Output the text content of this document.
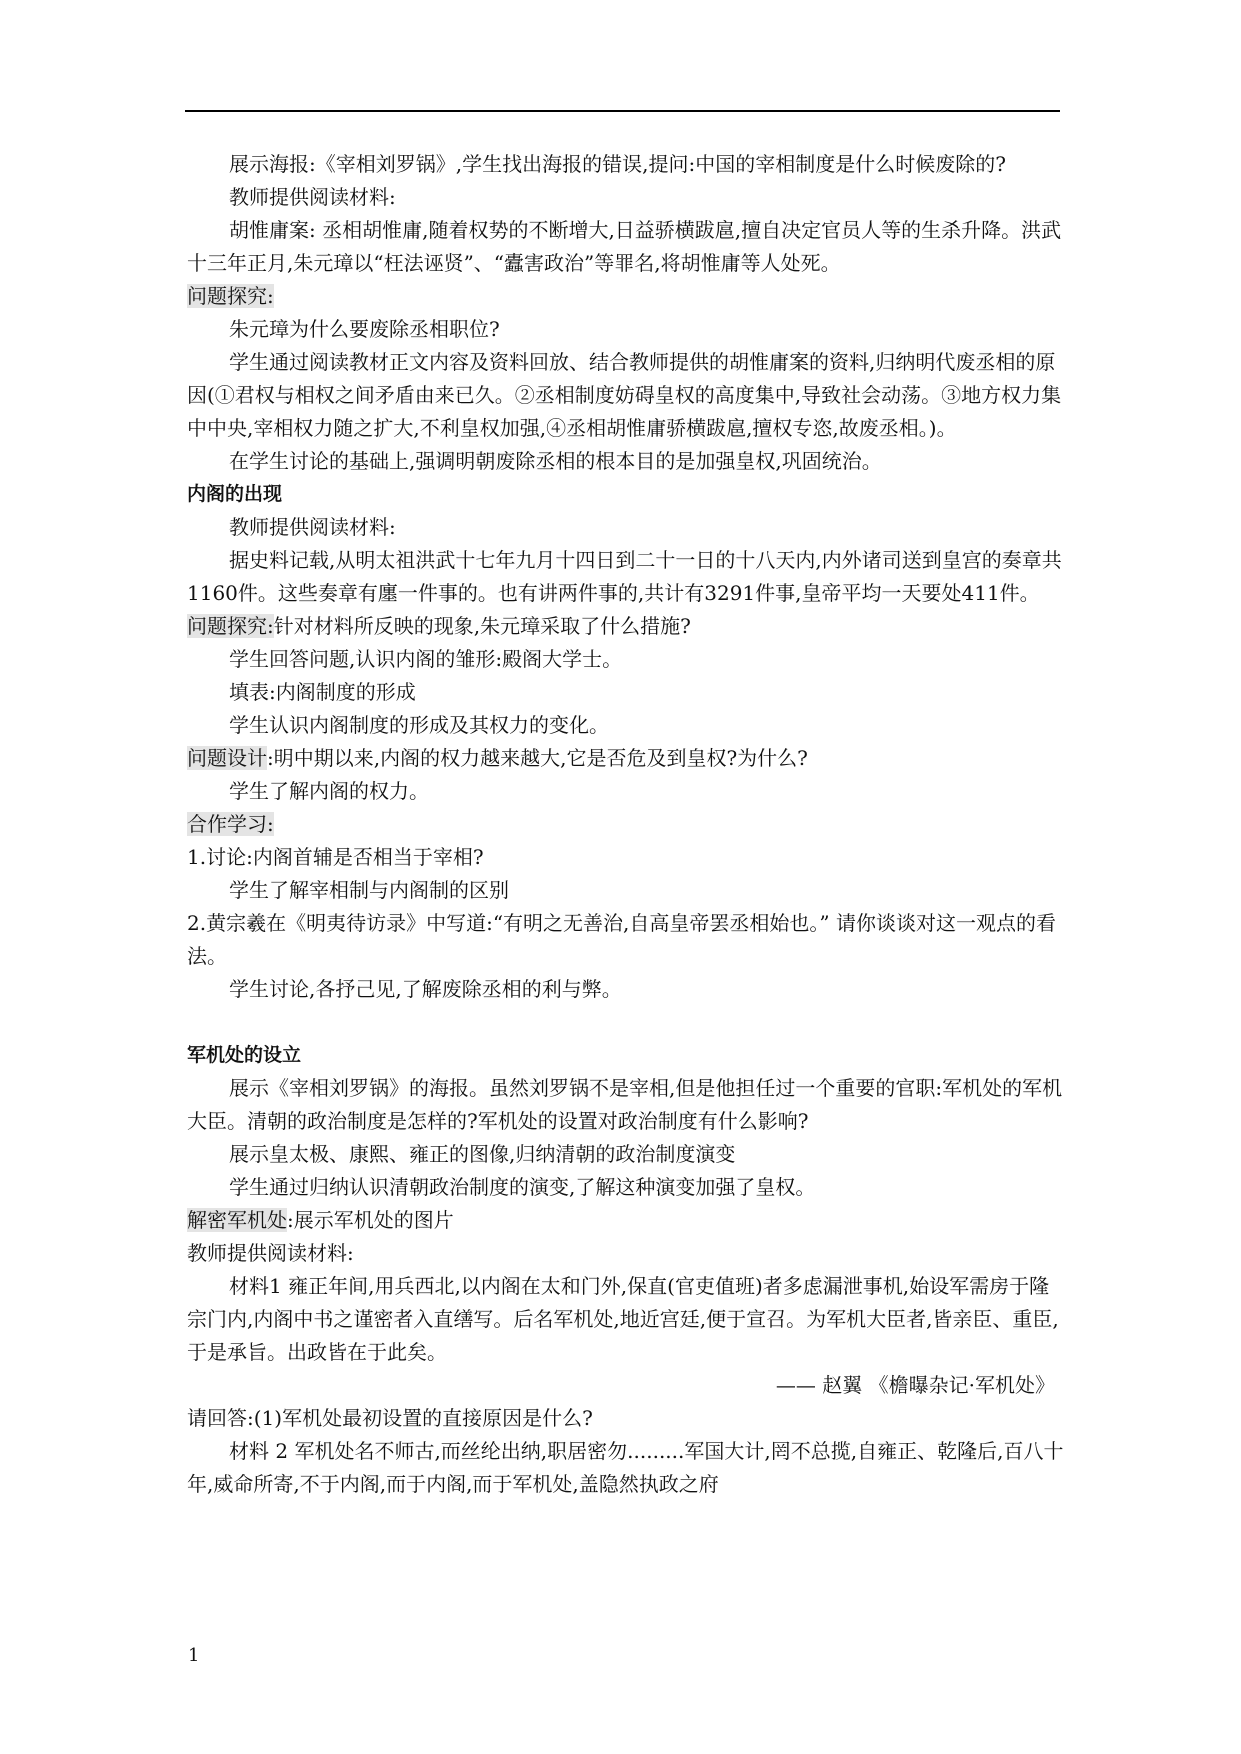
展示海报:《宰相刘罗锅》,学生找出海报的错误,提问:中国的宰相制度是什么时候废除的?

教师提供阅读材料:

胡惟庸案: 丞相胡惟庸,随着权势的不断增大,日益骄横跋扈,擅自决定官员人等的生杀升降。洪武十三年正月,朱元璋以“枉法诬贤”、“蠹害政治”等罪名,将胡惟庸等人处死。

问题探究:

朱元璋为什么要废除丞相职位?

学生通过阅读教材正文内容及资料回放、结合教师提供的胡惟庸案的资料,归纳明代废丞相的原因(①君权与相权之间矛盾由来已久。②丞相制度妨碍皇权的高度集中,导致社会动荡。③地方权力集中中央,宰相权力随之扩大,不利皇权加强,④丞相胡惟庸骄横跋扈,擅权专恣,故废丞相。)。

在学生讨论的基础上,强调明朝废除丞相的根本目的是加强皇权,巩固统治。

内阁的出现

教师提供阅读材料:

据史料记载,从明太祖洪武十七年九月十四日到二十一日的十八天内,内外诸司送到皇宫的奏章共1160件。这些奏章有廛一件事的。也有讲两件事的,共计有3291件事,皇帝平均一天要处411件。

问题探究:针对材料所反映的现象,朱元璋采取了什么措施?

学生回答问题,认识内阁的雏形:殿阁大学士。

填表:内阁制度的形成

学生认识内阁制度的形成及其权力的变化。

问题设计:明中期以来,内阁的权力越来越大,它是否危及到皇权?为什么?

学生了解内阁的权力。

合作学习:

1.讨论:内阁首辅是否相当于宰相?

学生了解宰相制与内阁制的区别

2.黄宗羲在《明夷待访录》中写道:“有明之无善治,自高皇帝罢丞相始也。” 请你谈谈对这一观点的看法。

学生讨论,各抒己见,了解废除丞相的利与弊。

军机处的设立

展示《宰相刘罗锅》的海报。虽然刘罗锅不是宰相,但是他担任过一个重要的官职:军机处的军机大臣。清朝的政治制度是怎样的?军机处的设置对政治制度有什么影响?

展示皇太极、康熙、雍正的图像,归纳清朝的政治制度演变

学生通过归纳认识清朝政治制度的演变,了解这种演变加强了皇权。

解密军机处:展示军机处的图片

教师提供阅读材料:

材料1 雍正年间,用兵西北,以内阁在太和门外,保直(官吏值班)者多虑漏泄事机,始设军需房于隆宗门内,内阁中书之谨密者入直缮写。后名军机处,地近宫廷,便于宣召。为军机大臣者,皆亲臣、重臣,于是承旨。出政皆在于此矣。

—— 赵翼 《檐曝杂记·军机处》

请回答:(1)军机处最初设置的直接原因是什么?

材料 2 军机处名不师古,而丝纶出纳,职居密勿.........军国大计,罔不总揽,自雍正、乾隆后,百八十年,威命所寄,不于内阁,而于内阁,而于军机处,盖隐然执政之府

1
